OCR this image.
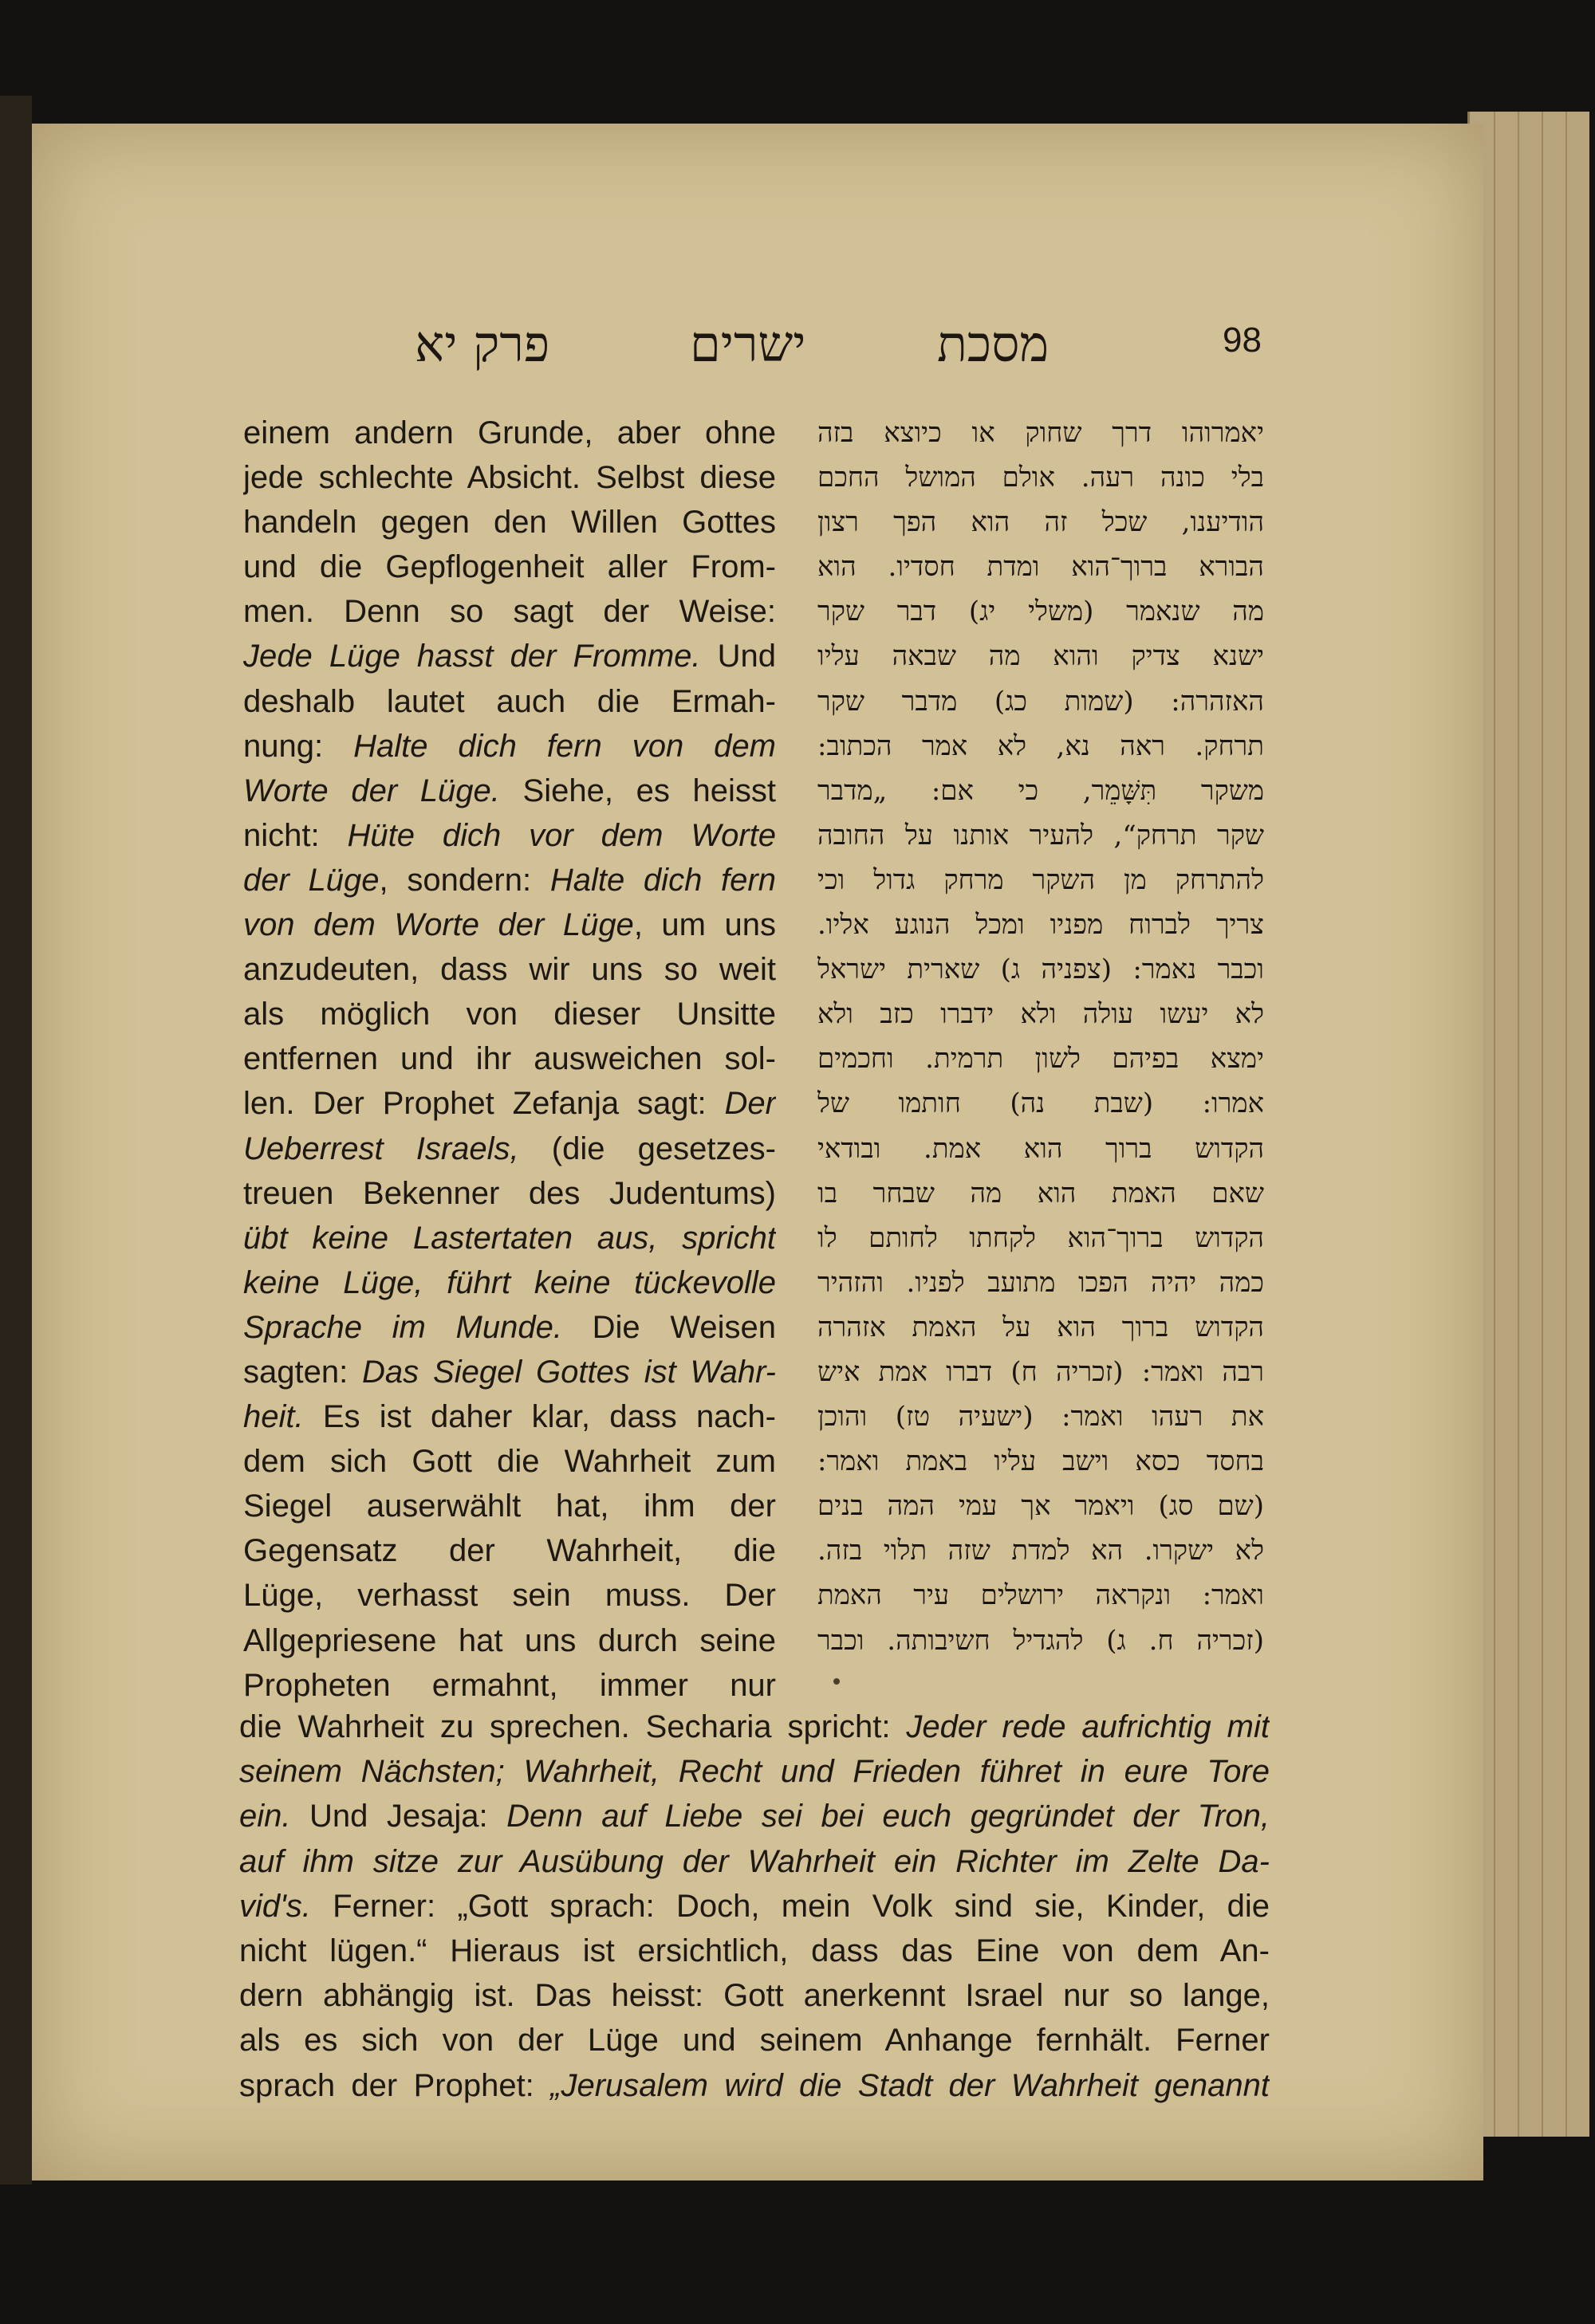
98
מסכת
ישרים
פרק יא
einem andern Grunde, aber ohne
jede schlechte Absicht. Selbst diese
handeln gegen den Willen Gottes
und die Gepflogenheit aller From-
men. Denn so sagt der Weise:
Jede Lüge hasst der Fromme. Und
deshalb lautet auch die Ermah-
nung: Halte dich fern von dem
Worte der Lüge. Siehe, es heisst
nicht: Hüte dich vor dem Worte
der Lüge, sondern: Halte dich fern
von dem Worte der Lüge, um uns
anzudeuten, dass wir uns so weit
als möglich von dieser Unsitte
entfernen und ihr ausweichen sol-
len. Der Prophet Zefanja sagt: Der
Ueberrest Israels, (die gesetzes-
treuen Bekenner des Judentums)
übt keine Lastertaten aus, spricht
keine Lüge, führt keine tückevolle
Sprache im Munde. Die Weisen
sagten: Das Siegel Gottes ist Wahr-
heit. Es ist daher klar, dass nach-
dem sich Gott die Wahrheit zum
Siegel auserwählt hat, ihm der
Gegensatz der Wahrheit, die
Lüge, verhasst sein muss. Der
Allgepriesene hat uns durch seine
Propheten ermahnt, immer nur
יאמרוהו דרך שחוק או כיוצא בזה
בלי כונה רעה. אולם המושל החכם
הודיענו, שכל זה הוא הפך רצון
הבורא ברוך־הוא ומדת חסדיו. הוא
מה שנאמר (משלי יג) דבר שקר
ישנא צדיק והוא מה שבאה עליו
האזהרה: (שמות כג) מדבר שקר
תרחק. ראה נא, לא אמר הכתוב:
משקר תִּשָּׁמֵר, כי אם: „מדבר
שקר תרחק“, להעיר אותנו על החובה
להתרחק מן השקר מרחק גדול וכי
צריך לברוח מפניו ומכל הנוגע אליו.
וכבר נאמר: (צפניה ג) שארית ישראל
לא יעשו עולה ולא ידברו כזב ולא
ימצא בפיהם לשון תרמית. וחכמים
אמרו: (שבת נה) חותמו של
הקדוש ברוך הוא אמת. ובודאי
שאם האמת הוא מה שבחר בו
הקדוש ברוך־הוא לקחתו לחותם לו
כמה יהיה הפכו מתועב לפניו. והזהיר
הקדוש ברוך הוא על האמת אזהרה
רבה ואמר: (זכריה ח) דברו אמת איש
את רעהו ואמר: (ישעיה טז) והוכן
בחסד כסא וישב עליו באמת ואמר:
(שם סג) ויאמר אך עמי המה בנים
לא ישקרו. הא למדת שזה תלוי בזה.
ואמר: ונקראה ירושלים עיר האמת
(זכריה ח. ג) להגדיל חשיבותה. וכבר
die Wahrheit zu sprechen. Secharia spricht: Jeder rede aufrichtig mit
seinem Nächsten; Wahrheit, Recht und Frieden führet in eure Tore
ein. Und Jesaja: Denn auf Liebe sei bei euch gegründet der Tron,
auf ihm sitze zur Ausübung der Wahrheit ein Richter im Zelte Da-
vid's. Ferner: „Gott sprach: Doch, mein Volk sind sie, Kinder, die
nicht lügen.“ Hieraus ist ersichtlich, dass das Eine von dem An-
dern abhängig ist. Das heisst: Gott anerkennt Israel nur so lange,
als es sich von der Lüge und seinem Anhange fernhält. Ferner
sprach der Prophet: „Jerusalem wird die Stadt der Wahrheit genannt
